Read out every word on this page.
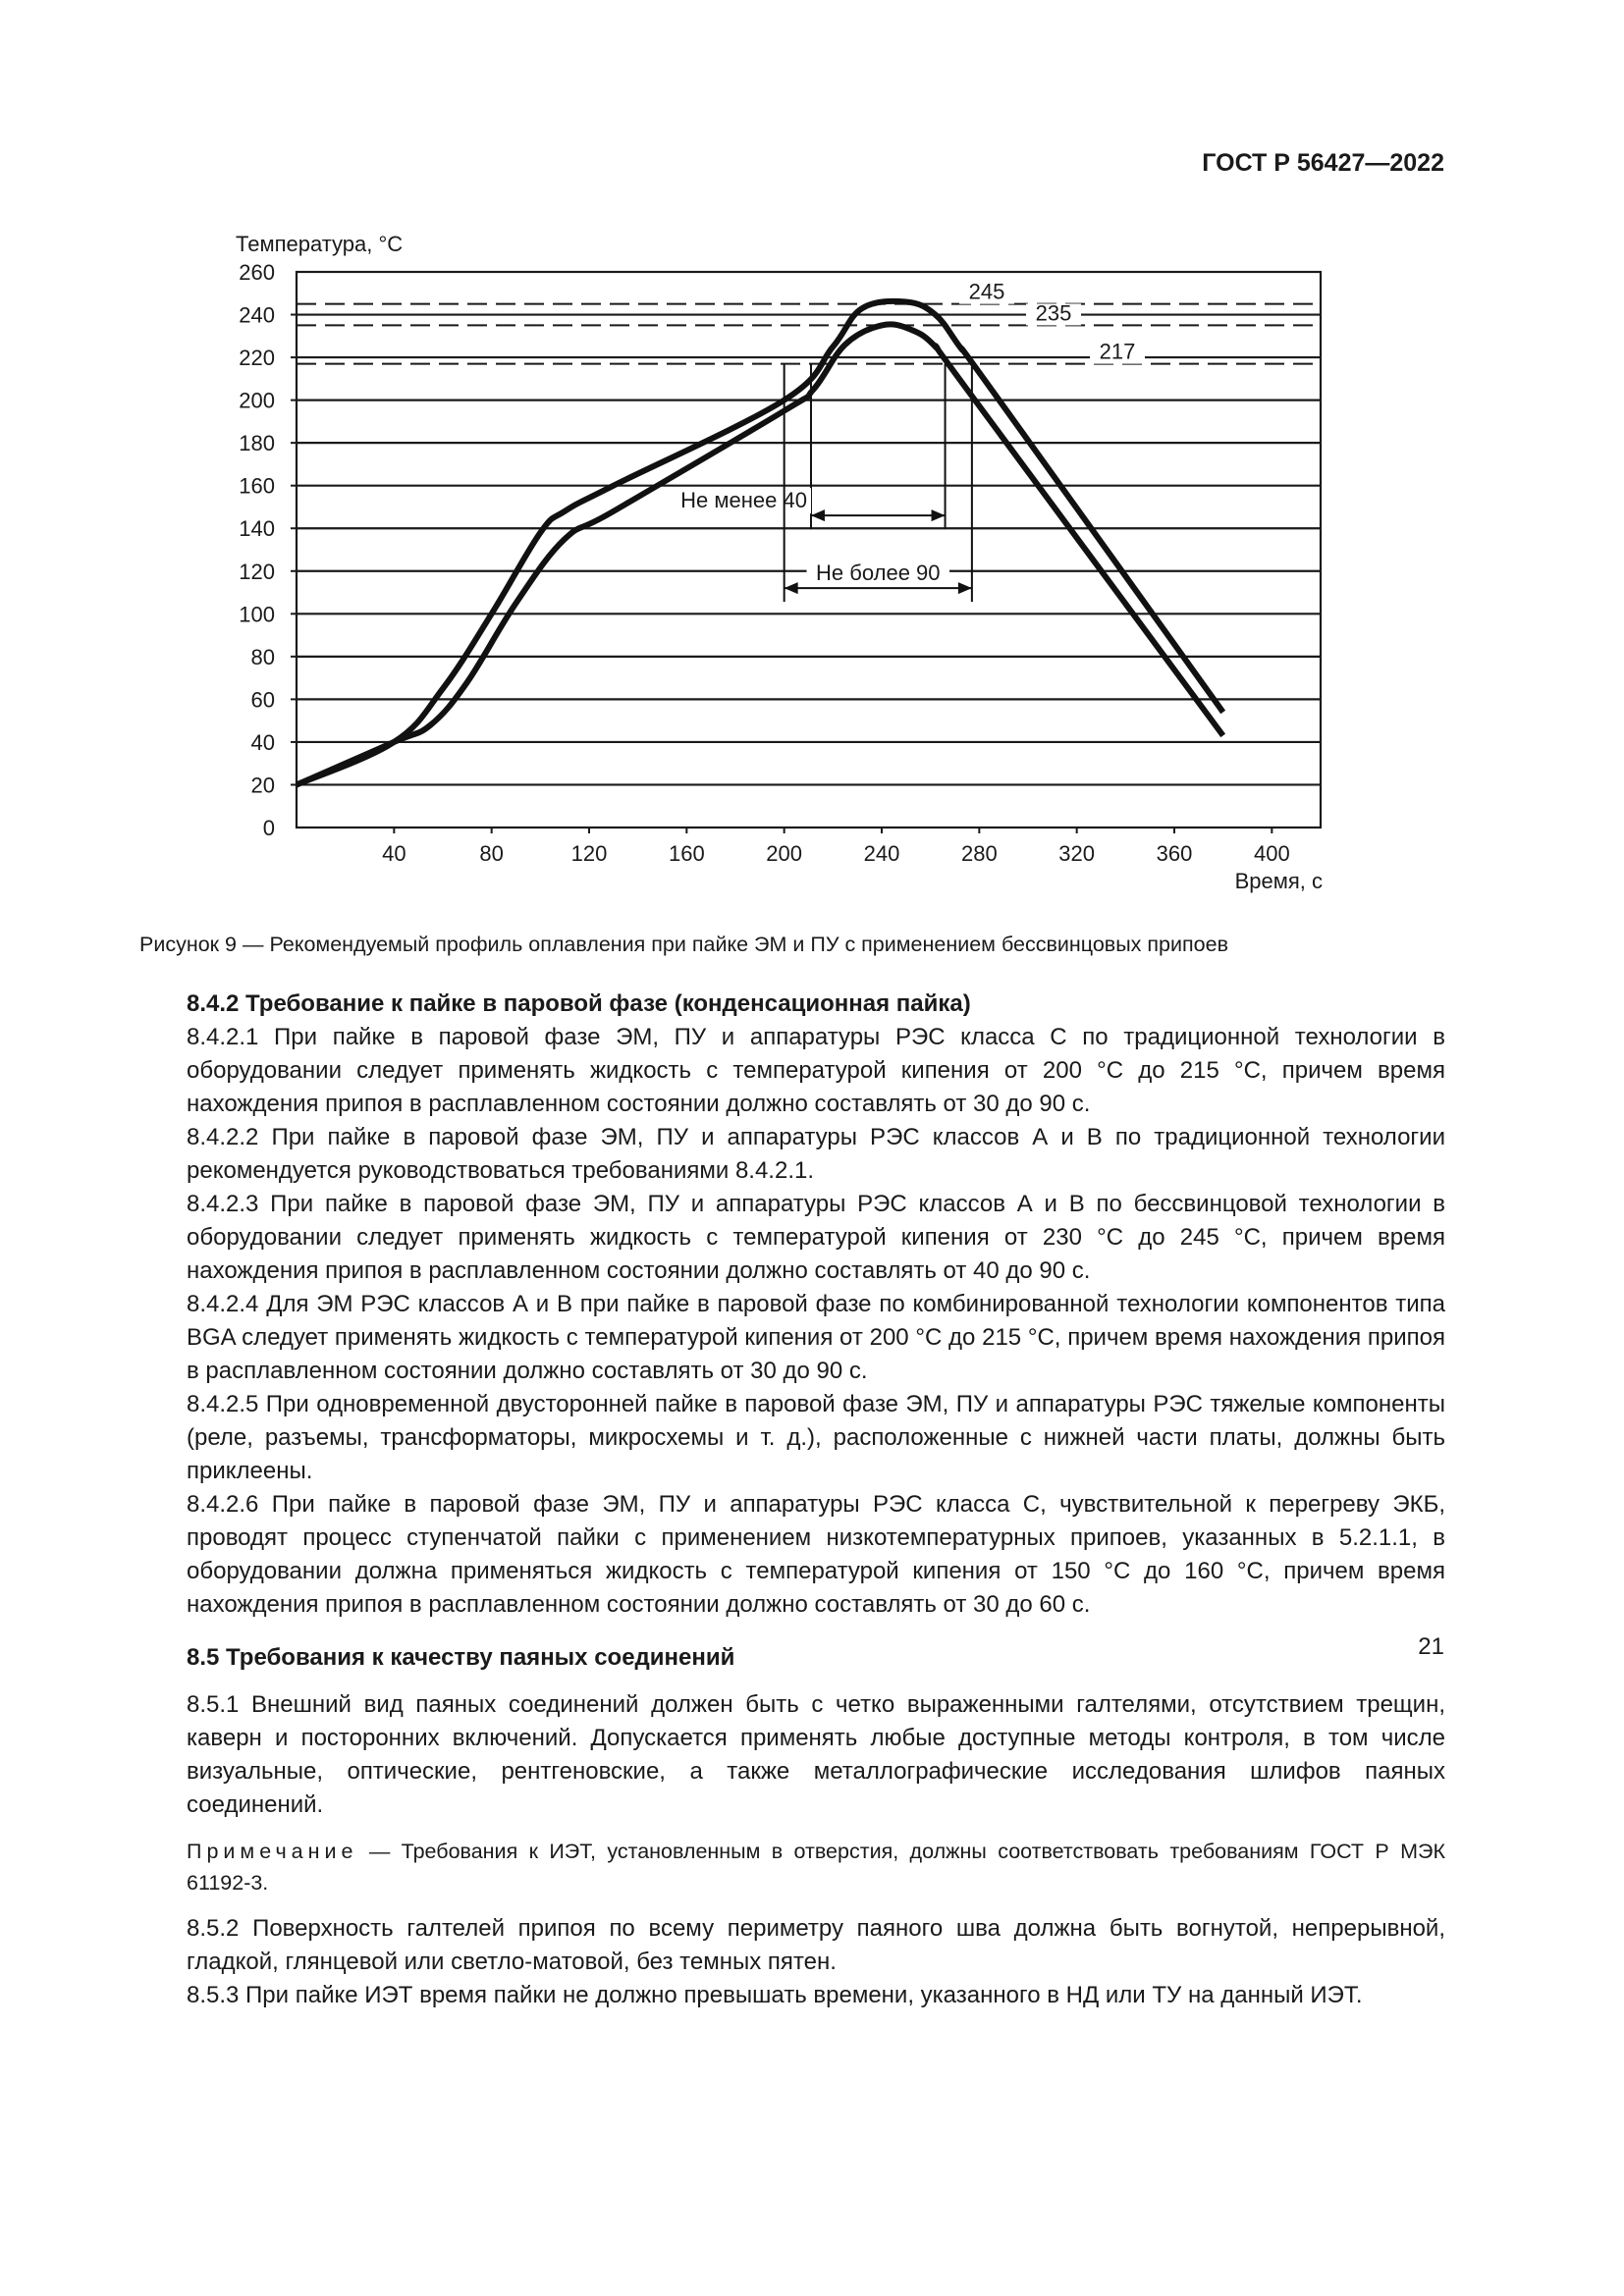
ГОСТ Р 56427—2022
0
20
40
60
80
100
120
140
160
180
200
220
240
260
40	80	120	160	200	240	280	320	360	400
Температура, °С
Время, с
245
235
217
Не менее 40
Не более 90
Рисунок 9 — Рекомендуемый профиль оплавления при пайке ЭМ и ПУ с применением бессвинцовых припоев
8.4.2 Требование к пайке в паровой фазе (конденсационная пайка)

8.4.2.1 При пайке в паровой фазе ЭМ, ПУ и аппаратуры РЭС класса С по традиционной технологии в оборудовании следует применять жидкость с температурой кипения от 200 °С до 215 °С, причем время нахождения припоя в расплавленном состоянии должно составлять от 30 до 90 с.

8.4.2.2 При пайке в паровой фазе ЭМ, ПУ и аппаратуры РЭС классов А и В по традиционной технологии рекомендуется руководствоваться требованиями 8.4.2.1.

8.4.2.3 При пайке в паровой фазе ЭМ, ПУ и аппаратуры РЭС классов А и В по бессвинцовой технологии в оборудовании следует применять жидкость с температурой кипения от 230 °С до 245 °С, причем время нахождения припоя в расплавленном состоянии должно составлять от 40 до 90 с.

8.4.2.4 Для ЭМ РЭС классов А и В при пайке в паровой фазе по комбинированной технологии компонентов типа BGA следует применять жидкость с температурой кипения от 200 °С до 215 °С, причем время нахождения припоя в расплавленном состоянии должно составлять от 30 до 90 с.

8.4.2.5 При одновременной двусторонней пайке в паровой фазе ЭМ, ПУ и аппаратуры РЭС тяжелые компоненты (реле, разъемы, трансформаторы, микросхемы и т. д.), расположенные с нижней части платы, должны быть приклеены.

8.4.2.6 При пайке в паровой фазе ЭМ, ПУ и аппаратуры РЭС класса С, чувствительной к перегреву ЭКБ, проводят процесс ступенчатой пайки с применением низкотемпературных припоев, указанных в 5.2.1.1, в оборудовании должна применяться жидкость с температурой кипения от 150 °С до 160 °С, причем время нахождения припоя в расплавленном состоянии должно составлять от 30 до 60 с.

8.5 Требования к качеству паяных соединений

8.5.1 Внешний вид паяных соединений должен быть с четко выраженными галтелями, отсутствием трещин, каверн и посторонних включений. Допускается применять любые доступные методы контроля, в том числе визуальные, оптические, рентгеновские, а также металлографические исследования шлифов паяных соединений.

Примечание — Требования к ИЭТ, установленным в отверстия, должны соответствовать требованиям ГОСТ Р МЭК 61192-3.

8.5.2 Поверхность галтелей припоя по всему периметру паяного шва должна быть вогнутой, непрерывной, гладкой, глянцевой или светло-матовой, без темных пятен.

8.5.3 При пайке ИЭТ время пайки не должно превышать времени, указанного в НД или ТУ на данный ИЭТ.

21
